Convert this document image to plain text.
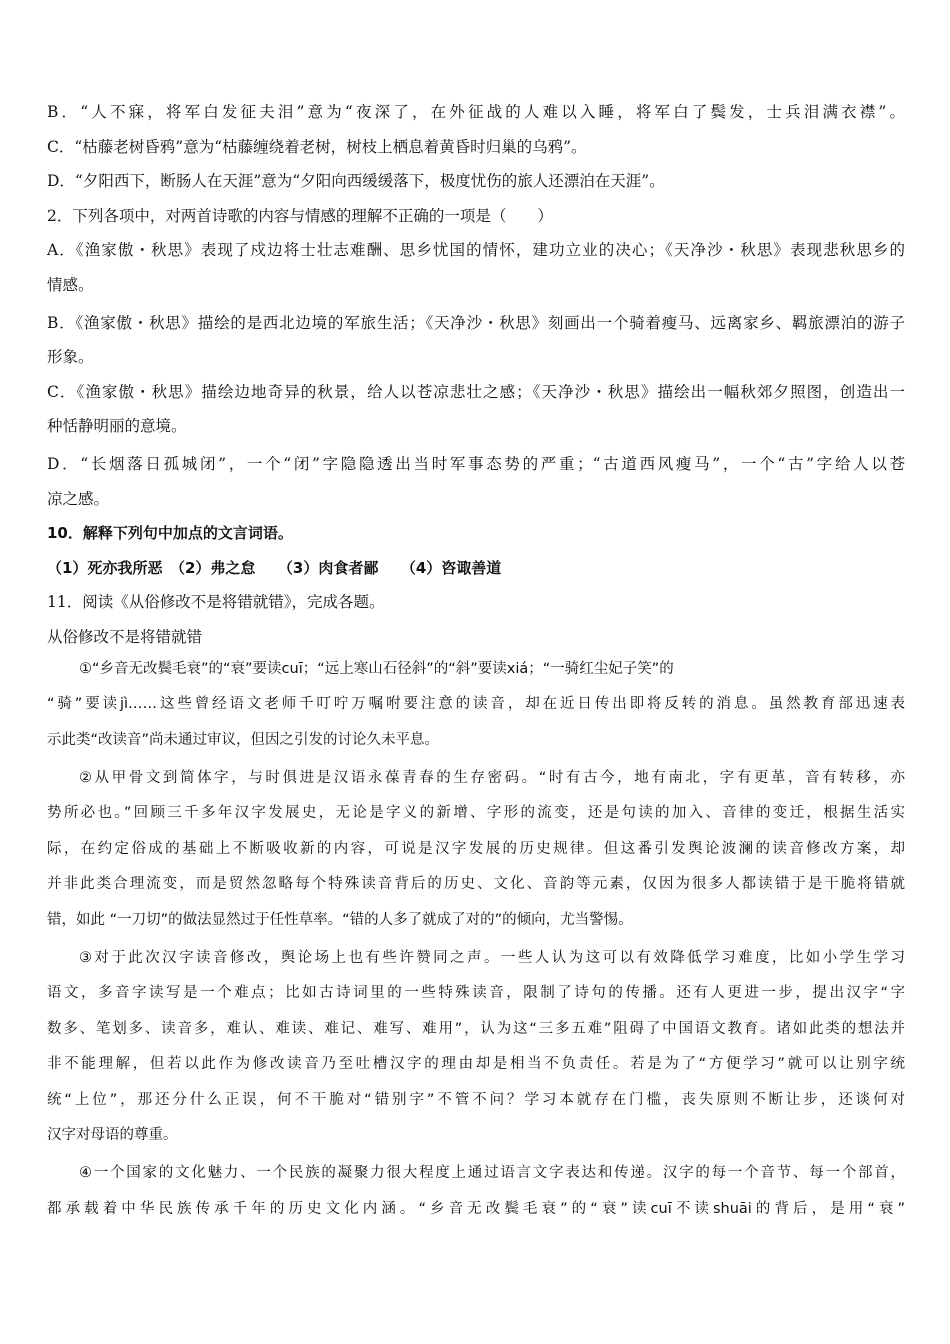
B．“人不寐，将军白发征夫泪”意为“夜深了，在外征战的人难以入睡，将军白了鬓发，士兵泪满衣襟”。
C．“枯藤老树昏鸦”意为“枯藤缠绕着老树，树枝上栖息着黄昏时归巢的乌鸦”。
D．“夕阳西下，断肠人在天涯”意为“夕阳向西缓缓落下，极度忧伤的旅人还漂泊在天涯”。
2．下列各项中，对两首诗歌的内容与情感的理解不正确的一项是（　　）
A．《渔家傲・秋思》表现了戍边将士壮志难酬、思乡忧国的情怀，建功立业的决心；《天净沙・秋思》表现悲秋思乡的
情感。
B．《渔家傲・秋思》描绘的是西北边境的军旅生活；《天净沙・秋思》刻画出一个骑着瘦马、远离家乡、羁旅漂泊的游子
形象。
C．《渔家傲・秋思》描绘边地奇异的秋景，给人以苍凉悲壮之感；《天净沙・秋思》描绘出一幅秋郊夕照图，创造出一
种恬静明丽的意境。
D．“长烟落日孤城闭”，一个“闭”字隐隐透出当时军事态势的严重；“古道西风瘦马”，一个“古”字给人以苍
凉之感。
10．解释下列句中加点的文言词语。
（1）死亦我所恶　（2）弗之怠　　（3）肉食者鄙　　（4）咨诹善道
11．阅读《从俗修改不是将错就错》，完成各题。
从俗修改不是将错就错
①“乡音无改鬓毛衰”的“衰”要读cuī；“远上寒山石径斜”的“斜”要读xiá；“一骑红尘妃子笑”的
“骑”要读jì……这些曾经语文老师千叮咛万嘱咐要注意的读音，却在近日传出即将反转的消息。虽然教育部迅速表
示此类“改读音”尚未通过审议，但因之引发的讨论久未平息。
②从甲骨文到简体字，与时俱进是汉语永葆青春的生存密码。“时有古今，地有南北，字有更革，音有转移，亦
势所必也。”回顾三千多年汉字发展史，无论是字义的新增、字形的流变，还是句读的加入、音律的变迁，根据生活实
际，在约定俗成的基础上不断吸收新的内容，可说是汉字发展的历史规律。但这番引发舆论波澜的读音修改方案，却
并非此类合理流变，而是贸然忽略每个特殊读音背后的历史、文化、音韵等元素，仅因为很多人都读错于是干脆将错就
错，如此 “一刀切”的做法显然过于任性草率。“错的人多了就成了对的”的倾向，尤当警惕。
③对于此次汉字读音修改，舆论场上也有些许赞同之声。一些人认为这可以有效降低学习难度，比如小学生学习
语文，多音字读写是一个难点；比如古诗词里的一些特殊读音，限制了诗句的传播。还有人更进一步，提出汉字“字
数多、笔划多、读音多，难认、难读、难记、难写、难用”，认为这“三多五难”阻碍了中国语文教育。诸如此类的想法并
非不能理解，但若以此作为修改读音乃至吐槽汉字的理由却是相当不负责任。若是为了“方便学习”就可以让别字统
统“上位”，那还分什么正误，何不干脆对“错别字”不管不问？学习本就存在门槛，丧失原则不断让步，还谈何对
汉字对母语的尊重。
④一个国家的文化魅力、一个民族的凝聚力很大程度上通过语言文字表达和传递。汉字的每一个音节、每一个部首，
都承载着中华民族传承千年的历史文化内涵。“乡音无改鬓毛衰”的“衰”读cuī不读shuāi的背后，是用“衰”
